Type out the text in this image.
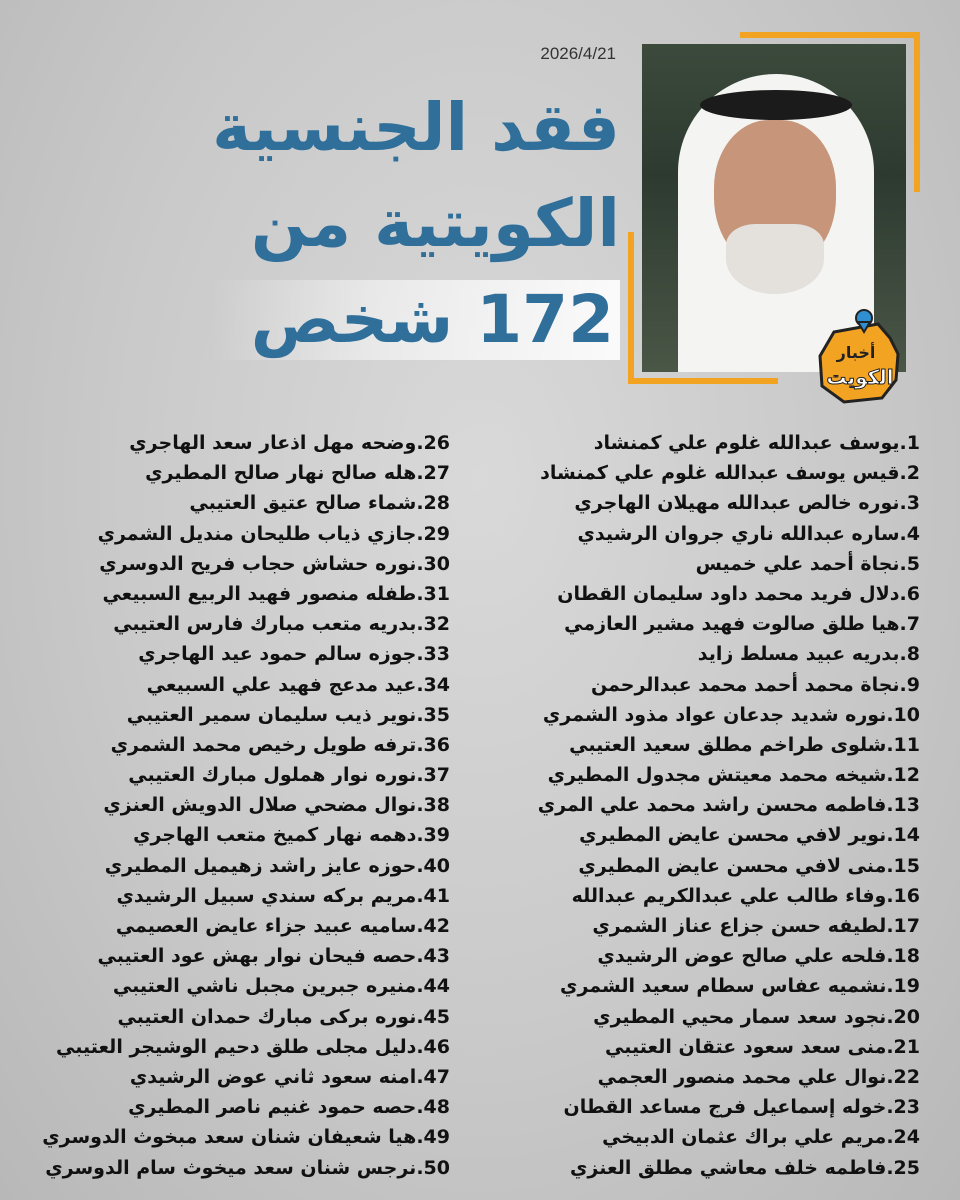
2026/4/21
فقد الجنسية
الكويتية من
172 شخص	أخبار
الكويت
1.يوسف عبدالله غلوم علي كمنشاد
2.قيس يوسف عبدالله غلوم علي كمنشاد
3.نوره خالص عبدالله مهيلان الهاجري
4.ساره عبدالله ناري جروان الرشيدي
5.نجاة أحمد علي خميس
6.دلال فريد محمد داود سليمان القطان
7.هيا طلق صالوت فهيد مشير العازمي
8.بدريه عبيد مسلط زايد
9.نجاة محمد أحمد محمد عبدالرحمن
10.نوره شديد جدعان عواد مذود الشمري
11.شلوى طراخم مطلق سعيد العتيبي
12.شيخه محمد معيتش مجدول المطيري
13.فاطمه محسن راشد محمد علي المري
14.نوير لافي محسن عايض المطيري
15.منى لافي محسن عايض المطيري
16.وفاء طالب علي عبدالكريم عبدالله
17.لطيفه حسن جزاع عناز الشمري
18.فلحه علي صالح عوض الرشيدي
19.نشميه عفاس سطام سعيد الشمري
20.نجود سعد سمار محيي المطيري
21.منى سعد سعود عتقان العتيبي
22.نوال علي محمد منصور العجمي
23.خوله إسماعيل فرج مساعد القطان
24.مريم علي براك عثمان الدبيخي
25.فاطمه خلف معاشي مطلق العنزي
26.وضحه مهل اذعار سعد الهاجري
27.هله صالح نهار صالح المطيري
28.شماء صالح عتيق العتيبي
29.جازي ذياب طليحان منديل الشمري
30.نوره حشاش حجاب فريح الدوسري
31.طفله منصور فهيد الربيع السبيعي
32.بدريه متعب مبارك فارس العتيبي
33.جوزه سالم حمود عيد الهاجري
34.عيد مدعج فهيد علي السبيعي
35.نوير ذيب سليمان سمير العتيبي
36.ترفه طويل رخيص محمد الشمري
37.نوره نوار هملول مبارك العتيبي
38.نوال مضحي صلال الدويش العنزي
39.دهمه نهار كميخ متعب الهاجري
40.حوزه عايز راشد زهيميل المطيري
41.مريم بركه سندي سبيل الرشيدي
42.ساميه عبيد جزاء عايض العصيمي
43.حصه فيحان نوار بهش عود العتيبي
44.منيره جبرين مجبل ناشي العتيبي
45.نوره بركى مبارك حمدان العتيبي
46.دليل مجلى طلق دحيم الوشيجر العتيبي
47.امنه سعود ثاني عوض الرشيدي
48.حصه حمود غنيم ناصر المطيري
49.هيا شعيفان شنان سعد مبخوث الدوسري
50.نرجس شنان سعد ميخوث سام الدوسري
